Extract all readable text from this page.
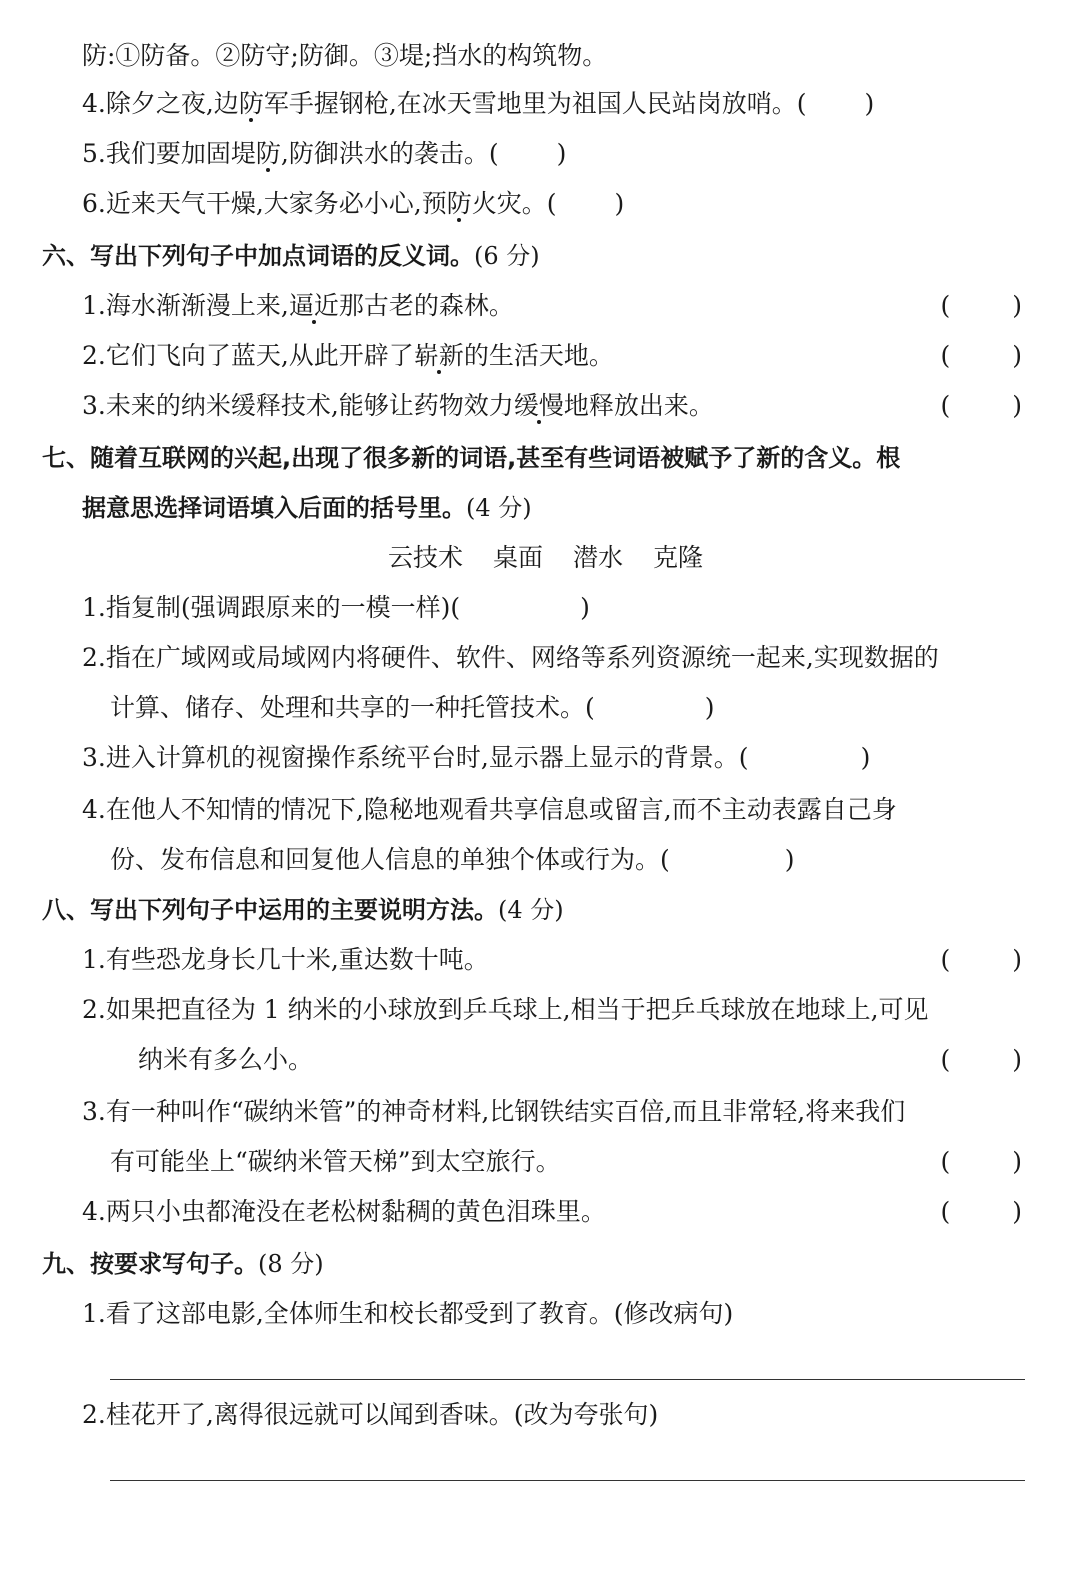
防:①防备。②防守;防御。③堤;挡水的构筑物。
4.除夕之夜,边防军手握钢枪,在冰天雪地里为祖国人民站岗放哨。( )
5.我们要加固堤防,防御洪水的袭击。( )
6.近来天气干燥,大家务必小心,预防火灾。( )
六、写出下列句子中加点词语的反义词。(6 分)
1.海水渐渐漫上来,逼近那古老的森林。	( )
2.它们飞向了蓝天,从此开辟了崭新的生活天地。	( )
3.未来的纳米缓释技术,能够让药物效力缓慢地释放出来。	( )
七、随着互联网的兴起,出现了很多新的词语,甚至有些词语被赋予了新的含义。根
据意思选择词语填入后面的括号里。(4 分)
云技术 桌面 潜水 克隆
1.指复制(强调跟原来的一模一样)(	)
2.指在广域网或局域网内将硬件、软件、网络等系列资源统一起来,实现数据的
计算、储存、处理和共享的一种托管技术。(	)
3.进入计算机的视窗操作系统平台时,显示器上显示的背景。(	)
4.在他人不知情的情况下,隐秘地观看共享信息或留言,而不主动表露自己身
份、发布信息和回复他人信息的单独个体或行为。(	)
八、写出下列句子中运用的主要说明方法。(4 分)
1.有些恐龙身长几十米,重达数十吨。	( )
2.如果把直径为 1 纳米的小球放到乒乓球上,相当于把乒乓球放在地球上,可见
纳米有多么小。	( )
3.有一种叫作“碳纳米管”的神奇材料,比钢铁结实百倍,而且非常轻,将来我们
有可能坐上“碳纳米管天梯”到太空旅行。	( )
4.两只小虫都淹没在老松树黏稠的黄色泪珠里。	( )
九、按要求写句子。(8 分)
1.看了这部电影,全体师生和校长都受到了教育。(修改病句)
2.桂花开了,离得很远就可以闻到香味。(改为夸张句)
